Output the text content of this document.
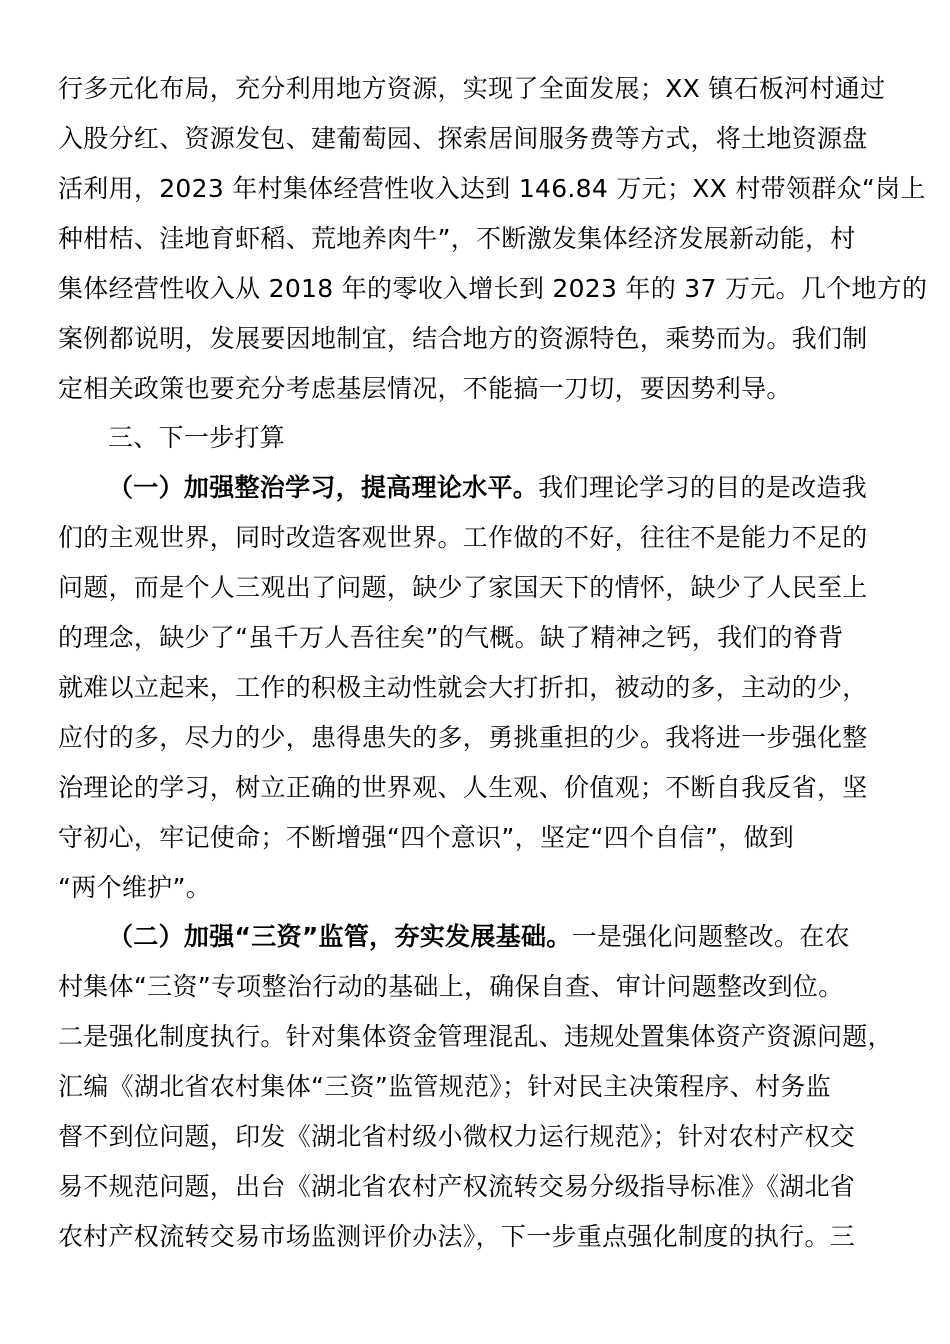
行多元化布局，充分利用地方资源，实现了全面发展；XX 镇石板河村通过
入股分红、资源发包、建葡萄园、探索居间服务费等方式，将土地资源盘
活利用，2023 年村集体经营性收入达到 146.84 万元；XX 村带领群众“岗上
种柑桔、洼地育虾稻、荒地养肉牛”，不断激发集体经济发展新动能，村
集体经营性收入从 2018 年的零收入增长到 2023 年的 37 万元。几个地方的
案例都说明，发展要因地制宜，结合地方的资源特色，乘势而为。我们制
定相关政策也要充分考虑基层情况，不能搞一刀切，要因势利导。
三、下一步打算
（一）加强整治学习，提高理论水平。我们理论学习的目的是改造我
们的主观世界，同时改造客观世界。工作做的不好，往往不是能力不足的
问题，而是个人三观出了问题，缺少了家国天下的情怀，缺少了人民至上
的理念，缺少了“虽千万人吾往矣”的气概。缺了精神之钙，我们的脊背
就难以立起来，工作的积极主动性就会大打折扣，被动的多，主动的少，
应付的多，尽力的少，患得患失的多，勇挑重担的少。我将进一步强化整
治理论的学习，树立正确的世界观、人生观、价值观；不断自我反省，坚
守初心，牢记使命；不断增强“四个意识”，坚定“四个自信”，做到
“两个维护”。
（二）加强“三资”监管，夯实发展基础。一是强化问题整改。在农
村集体“三资”专项整治行动的基础上，确保自查、审计问题整改到位。
二是强化制度执行。针对集体资金管理混乱、违规处置集体资产资源问题，
汇编《湖北省农村集体“三资”监管规范》；针对民主决策程序、村务监
督不到位问题，印发《湖北省村级小微权力运行规范》；针对农村产权交
易不规范问题，出台《湖北省农村产权流转交易分级指导标准》《湖北省
农村产权流转交易市场监测评价办法》，下一步重点强化制度的执行。三
